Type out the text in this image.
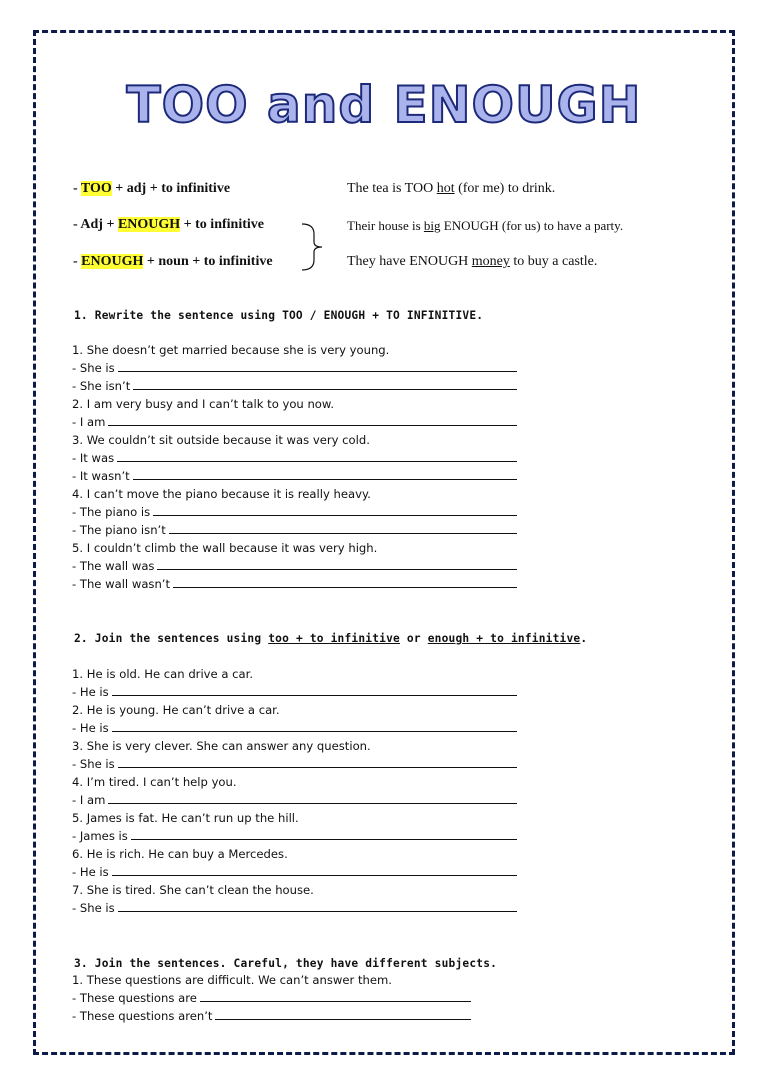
TOO and ENOUGH
- TOO + adj + to infinitive	The tea is TOO hot (for me) to drink.
- Adj + ENOUGH + to infinitive	Their house is big ENOUGH (for us) to have a party.
- ENOUGH + noun + to infinitive	They have ENOUGH money to buy a castle.
1. Rewrite the sentence using TOO / ENOUGH + TO INFINITIVE.
1. She doesn’t get married because she is very young.
- She is
- She isn’t
2. I am very busy and I can’t talk to you now.
- I am
3. We couldn’t sit outside because it was very cold.
- It was
- It wasn’t
4. I can’t move the piano because it is really heavy.
- The piano is
- The piano isn’t
5. I couldn’t climb the wall because it was very high.
- The wall was
- The wall wasn’t
2. Join the sentences using too + to infinitive or enough + to infinitive.
1. He is old. He can drive a car.
- He is
2. He is young. He can’t drive a car.
- He is
3. She is very clever. She can answer any question.
- She is
4. I’m tired. I can’t help you.
- I am
5. James is fat. He can’t run up the hill.
- James is
6. He is rich. He can buy a Mercedes.
- He is
7. She is tired. She can’t clean the house.
- She is
3. Join the sentences. Careful, they have different subjects.
1. These questions are difficult. We can’t answer them.
- These questions are
- These questions aren’t
